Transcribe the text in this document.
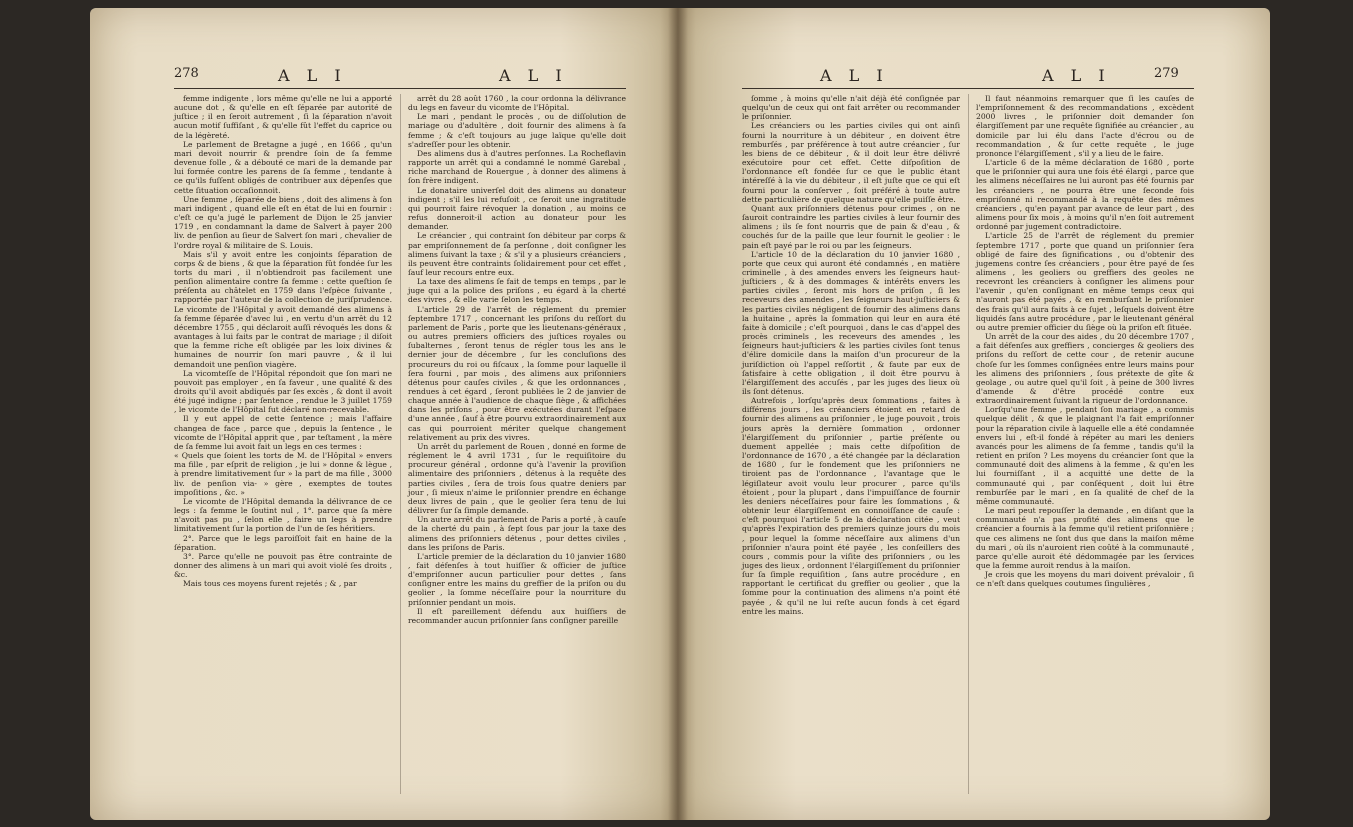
278	A L I	A L I

femme indigente , lors même qu'elle ne lui a apporté aucune dot , & qu'elle en eſt ſéparée par autorité de juſtice ; il en ſeroit autrement , ſi la ſéparation n'avoit aucun motif ſuffiſant , & qu'elle fût l'effet du caprice ou de la légèreté.

Le parlement de Bretagne a jugé , en 1666 , qu'un mari devoit nourrir & prendre ſoin de ſa femme devenue folle , & a débouté ce mari de la demande par lui formée contre les parens de ſa femme , tendante à ce qu'ils fuſſent obligés de contribuer aux dépenſes que cette ſituation occaſionnoit.

Une femme , ſéparée de biens , doit des alimens à ſon mari indigent , quand elle eſt en état de lui en fournir : c'eſt ce qu'a jugé le parlement de Dijon le 25 janvier 1719 , en condamnant la dame de Salvert à payer 200 liv. de penſion au ſieur de Salvert ſon mari , chevalier de l'ordre royal & militaire de S. Louis.

Mais s'il y avoit entre les conjoints ſéparation de corps & de biens , & que la ſéparation fût fondée ſur les torts du mari , il n'obtiendroit pas facilement une penſion alimentaire contre ſa femme : cette queſtion ſe préſenta au châtelet en 1759 dans l'eſpèce ſuivante , rapportée par l'auteur de la collection de juriſprudence. Le vicomte de l'Hôpital y avoit demandé des alimens à ſa femme ſéparée d'avec lui , en vertu d'un arrêt du 12 décembre 1755 , qui déclaroit auſſi révoqués les dons & avantages à lui faits par le contrat de mariage ; il diſoit que la femme riche eſt obligée par les loix divines & humaines de nourrir ſon mari pauvre , & il lui demandoit une penſion viagère.

La vicomteſſe de l'Hôpital répondoit que ſon mari ne pouvoit pas employer , en ſa faveur , une qualité & des droits qu'il avoit abdiqués par ſes excès , & dont il avoit été jugé indigne ; par ſentence , rendue le 3 juillet 1759 , le vicomte de l'Hôpital fut déclaré non-recevable.

Il y eut appel de cette ſentence ; mais l'affaire changea de face , parce que , depuis la ſentence , le vicomte de l'Hôpital apprit que , par teſtament , la mère de ſa femme lui avoit fait un legs en ces termes :

« Quels que ſoient les torts de M. de l'Hôpital » envers ma fille , par eſprit de religion , je lui » donne & lègue , à prendre limitativement ſur » la part de ma fille , 3000 liv. de penſion via- » gère , exemptes de toutes impoſitions , &c. »

Le vicomte de l'Hôpital demanda la délivrance de ce legs : ſa femme le ſoutint nul , 1°. parce que ſa mère n'avoit pas pu , ſelon elle , faire un legs à prendre limitativement ſur la portion de l'un de ſes héritiers.

2°. Parce que le legs paroiſſoit fait en haine de la ſéparation.

3°. Parce qu'elle ne pouvoit pas être contrainte de donner des alimens à un mari qui avoit violé ſes droits , &c.

Mais tous ces moyens furent rejetés ; & , par

arrêt du 28 août 1760 , la cour ordonna la délivrance du legs en faveur du vicomte de l'Hôpital.

Le mari , pendant le procès , ou de diſſolution de mariage ou d'adultère , doit fournir des alimens à ſa femme ; & c'eſt toujours au juge laïque qu'elle doit s'adreſſer pour les obtenir.

Des alimens dus à d'autres perſonnes. La Rocheflavin rapporte un arrêt qui a condamné le nommé Garebal , riche marchand de Rouergue , à donner des alimens à ſon frère indigent.

Le donataire univerſel doit des alimens au donateur indigent ; s'il les lui refuſoit , ce ſeroit une ingratitude qui pourroit faire révoquer la donation , au moins ce refus donneroit-il action au donateur pour les demander.

Le créancier , qui contraint ſon débiteur par corps & par empriſonnement de ſa perſonne , doit conſigner les alimens ſuivant la taxe ; & s'il y a plusieurs créanciers , ils peuvent être contraints ſolidairement pour cet effet , ſauf leur recours entre eux.

La taxe des alimens ſe fait de temps en temps , par le juge qui a la police des priſons , eu égard à la cherté des vivres , & elle varie ſelon les temps.

L'article 29 de l'arrêt de réglement du premier ſeptembre 1717 , concernant les priſons du reſſort du parlement de Paris , porte que les lieutenans-généraux , ou autres premiers officiers des juſtices royales ou ſubalternes , ſeront tenus de régler tous les ans le dernier jour de décembre , ſur les concluſions des procureurs du roi ou fiſcaux , la ſomme pour laquelle il ſera fourni , par mois , des alimens aux priſonniers détenus pour cauſes civiles , & que les ordonnances , rendues à cet égard , ſeront publiées le 2 de janvier de chaque année à l'audience de chaque ſiège , & affichées dans les priſons , pour être exécutées durant l'eſpace d'une année , ſauf à être pourvu extraordinairement aux cas qui pourroient mériter quelque changement relativement au prix des vivres.

Un arrêt du parlement de Rouen , donné en forme de réglement le 4 avril 1731 , ſur le requiſitoire du procureur général , ordonne qu'à l'avenir la proviſion alimentaire des priſonniers , détenus à la requête des parties civiles , ſera de trois ſous quatre deniers par jour , ſi mieux n'aime le priſonnier prendre en échange deux livres de pain , que le geolier ſera tenu de lui délivrer ſur ſa ſimple demande.

Un autre arrêt du parlement de Paris a porté , à cauſe de la cherté du pain , à ſept ſous par jour la taxe des alimens des priſonniers détenus , pour dettes civiles , dans les priſons de Paris.

L'article premier de la déclaration du 10 janvier 1680 , fait défenſes à tout huiſſier & officier de juſtice d'empriſonner aucun particulier pour dettes , ſans conſigner entre les mains du greffier de la priſon ou du geolier , la ſomme néceſſaire pour la nourriture du priſonnier pendant un mois.

Il eſt pareillement défendu aux huiſſiers de recommander aucun priſonnier ſans conſigner pareille

A L I	A L I	279

ſomme , à moins qu'elle n'ait déjà été conſignée par quelqu'un de ceux qui ont fait arrêter ou recommander le priſonnier.

Les créanciers ou les parties civiles qui ont ainſi fourni la nourriture à un débiteur , en doivent être remburſés , par préférence à tout autre créancier , ſur les biens de ce débiteur , & il doit leur être délivré exécutoire pour cet effet. Cette diſpoſition de l'ordonnance eſt fondée ſur ce que le public étant intéreſſé à la vie du débiteur , il eſt juſte que ce qui eſt fourni pour la conſerver , ſoit préféré à toute autre dette particulière de quelque nature qu'elle puiſſe être.

Quant aux priſonniers détenus pour crimes , on ne ſauroit contraindre les parties civiles à leur fournir des alimens ; ils ſe font nourris que de pain & d'eau , & couchés ſur de la paille que leur fournit le geolier : le pain eſt payé par le roi ou par les ſeigneurs.

L'article 10 de la déclaration du 10 janvier 1680 , porte que ceux qui auront été condamnés , en matière criminelle , à des amendes envers les ſeigneurs haut-juſticiers , & à des dommages & intérêts envers les parties civiles , ſeront mis hors de priſon , ſi les receveurs des amendes , les ſeigneurs haut-juſticiers & les parties civiles négligent de fournir des alimens dans la huitaine , après la ſommation qui leur en aura été faite à domicile ; c'eſt pourquoi , dans le cas d'appel des procès criminels , les receveurs des amendes , les ſeigneurs haut-juſticiers & les parties civiles ſont tenus d'élire domicile dans la maiſon d'un procureur de la juriſdiction où l'appel reſſortit , & faute par eux de ſatisfaire à cette obligation , il doit être pourvu à l'élargiſſement des accuſés , par les juges des lieux où ils ſont détenus.

Autrefois , lorſqu'après deux ſommations , faites à différens jours , les créanciers étoient en retard de fournir des alimens au priſonnier , le juge pouvoit , trois jours après la dernière ſommation , ordonner l'élargiſſement du priſonnier , partie préſente ou duement appellée ; mais cette diſpoſition de l'ordonnance de 1670 , a été changée par la déclaration de 1680 , ſur le fondement que les priſonniers ne tiroient pas de l'ordonnance , l'avantage que le légiſlateur avoit voulu leur procurer , parce qu'ils étoient , pour la plupart , dans l'impuiſſance de fournir les deniers néceſſaires pour faire les ſommations , & obtenir leur élargiſſement en connoiſſance de cauſe : c'eſt pourquoi l'article 5 de la déclaration citée , veut qu'après l'expiration des premiers quinze jours du mois , pour lequel la ſomme néceſſaire aux alimens d'un priſonnier n'aura point été payée , les conſeillers des cours , commis pour la viſite des priſonniers , ou les juges des lieux , ordonnent l'élargiſſement du priſonnier ſur ſa ſimple requiſition , ſans autre procédure , en rapportant le certificat du greffier ou geolier , que la ſomme pour la continuation des alimens n'a point été payée , & qu'il ne lui reſte aucun fonds à cet égard entre les mains.

Il faut néanmoins remarquer que ſi les cauſes de l'empriſonnement & des recommandations , excèdent 2000 livres , le priſonnier doit demander ſon élargiſſement par une requête ſignifiée au créancier , au domicile par lui élu dans l'acte d'écrou ou de recommandation , & ſur cette requête , le juge prononce l'élargiſſement , s'il y a lieu de le faire.

L'article 6 de la même déclaration de 1680 , porte que le priſonnier qui aura une fois été élargi , parce que les alimens néceſſaires ne lui auront pas été fournis par les créanciers , ne pourra être une ſeconde fois empriſonné ni recommandé à la requête des mêmes créanciers , qu'en payant par avance de leur part , des alimens pour ſix mois , à moins qu'il n'en ſoit autrement ordonné par jugement contradictoire.

L'article 25 de l'arrêt de réglement du premier ſeptembre 1717 , porte que quand un priſonnier ſera obligé de faire des ſignifications , ou d'obtenir des jugemens contre ſes créanciers , pour être payé de ſes alimens , les geoliers ou greffiers des geoles ne recevront les créanciers à conſigner les alimens pour l'avenir , qu'en conſignant en même temps ceux qui n'auront pas été payés , & en remburſant le priſonnier des frais qu'il aura faits à ce ſujet , leſquels doivent être liquidés ſans autre procédure , par le lieutenant général ou autre premier officier du ſiège où la priſon eſt ſituée.

Un arrêt de la cour des aides , du 20 décembre 1707 , a fait défenſes aux greffiers , concierges & geoliers des priſons du reſſort de cette cour , de retenir aucune choſe ſur les ſommes conſignées entre leurs mains pour les alimens des priſonniers , ſous prétexte de gîte & geolage , ou autre quel qu'il ſoit , à peine de 300 livres d'amende & d'être procédé contre eux extraordinairement ſuivant la rigueur de l'ordonnance.

Lorſqu'une femme , pendant ſon mariage , a commis quelque délit , & que le plaignant l'a fait empriſonner pour la réparation civile à laquelle elle a été condamnée envers lui , eſt-il fondé à répéter au mari les deniers avancés pour les alimens de ſa femme , tandis qu'il la retient en priſon ? Les moyens du créancier ſont que la communauté doit des alimens à la femme , & qu'en les lui fourniſſant , il a acquitté une dette de la communauté qui , par conſéquent , doit lui être remburſée par le mari , en ſa qualité de chef de la même communauté.

Le mari peut repouſſer la demande , en diſant que la communauté n'a pas profité des alimens que le créancier a fournis à la femme qu'il retient priſonnière ; que ces alimens ne ſont dus que dans la maiſon même du mari , où ils n'auroient rien coûté à la communauté , parce qu'elle auroit été dédommagée par les ſervices que la femme auroit rendus à la maiſon.

Je crois que les moyens du mari doivent prévaloir , ſi ce n'eſt dans quelques coutumes ſingulières ,
